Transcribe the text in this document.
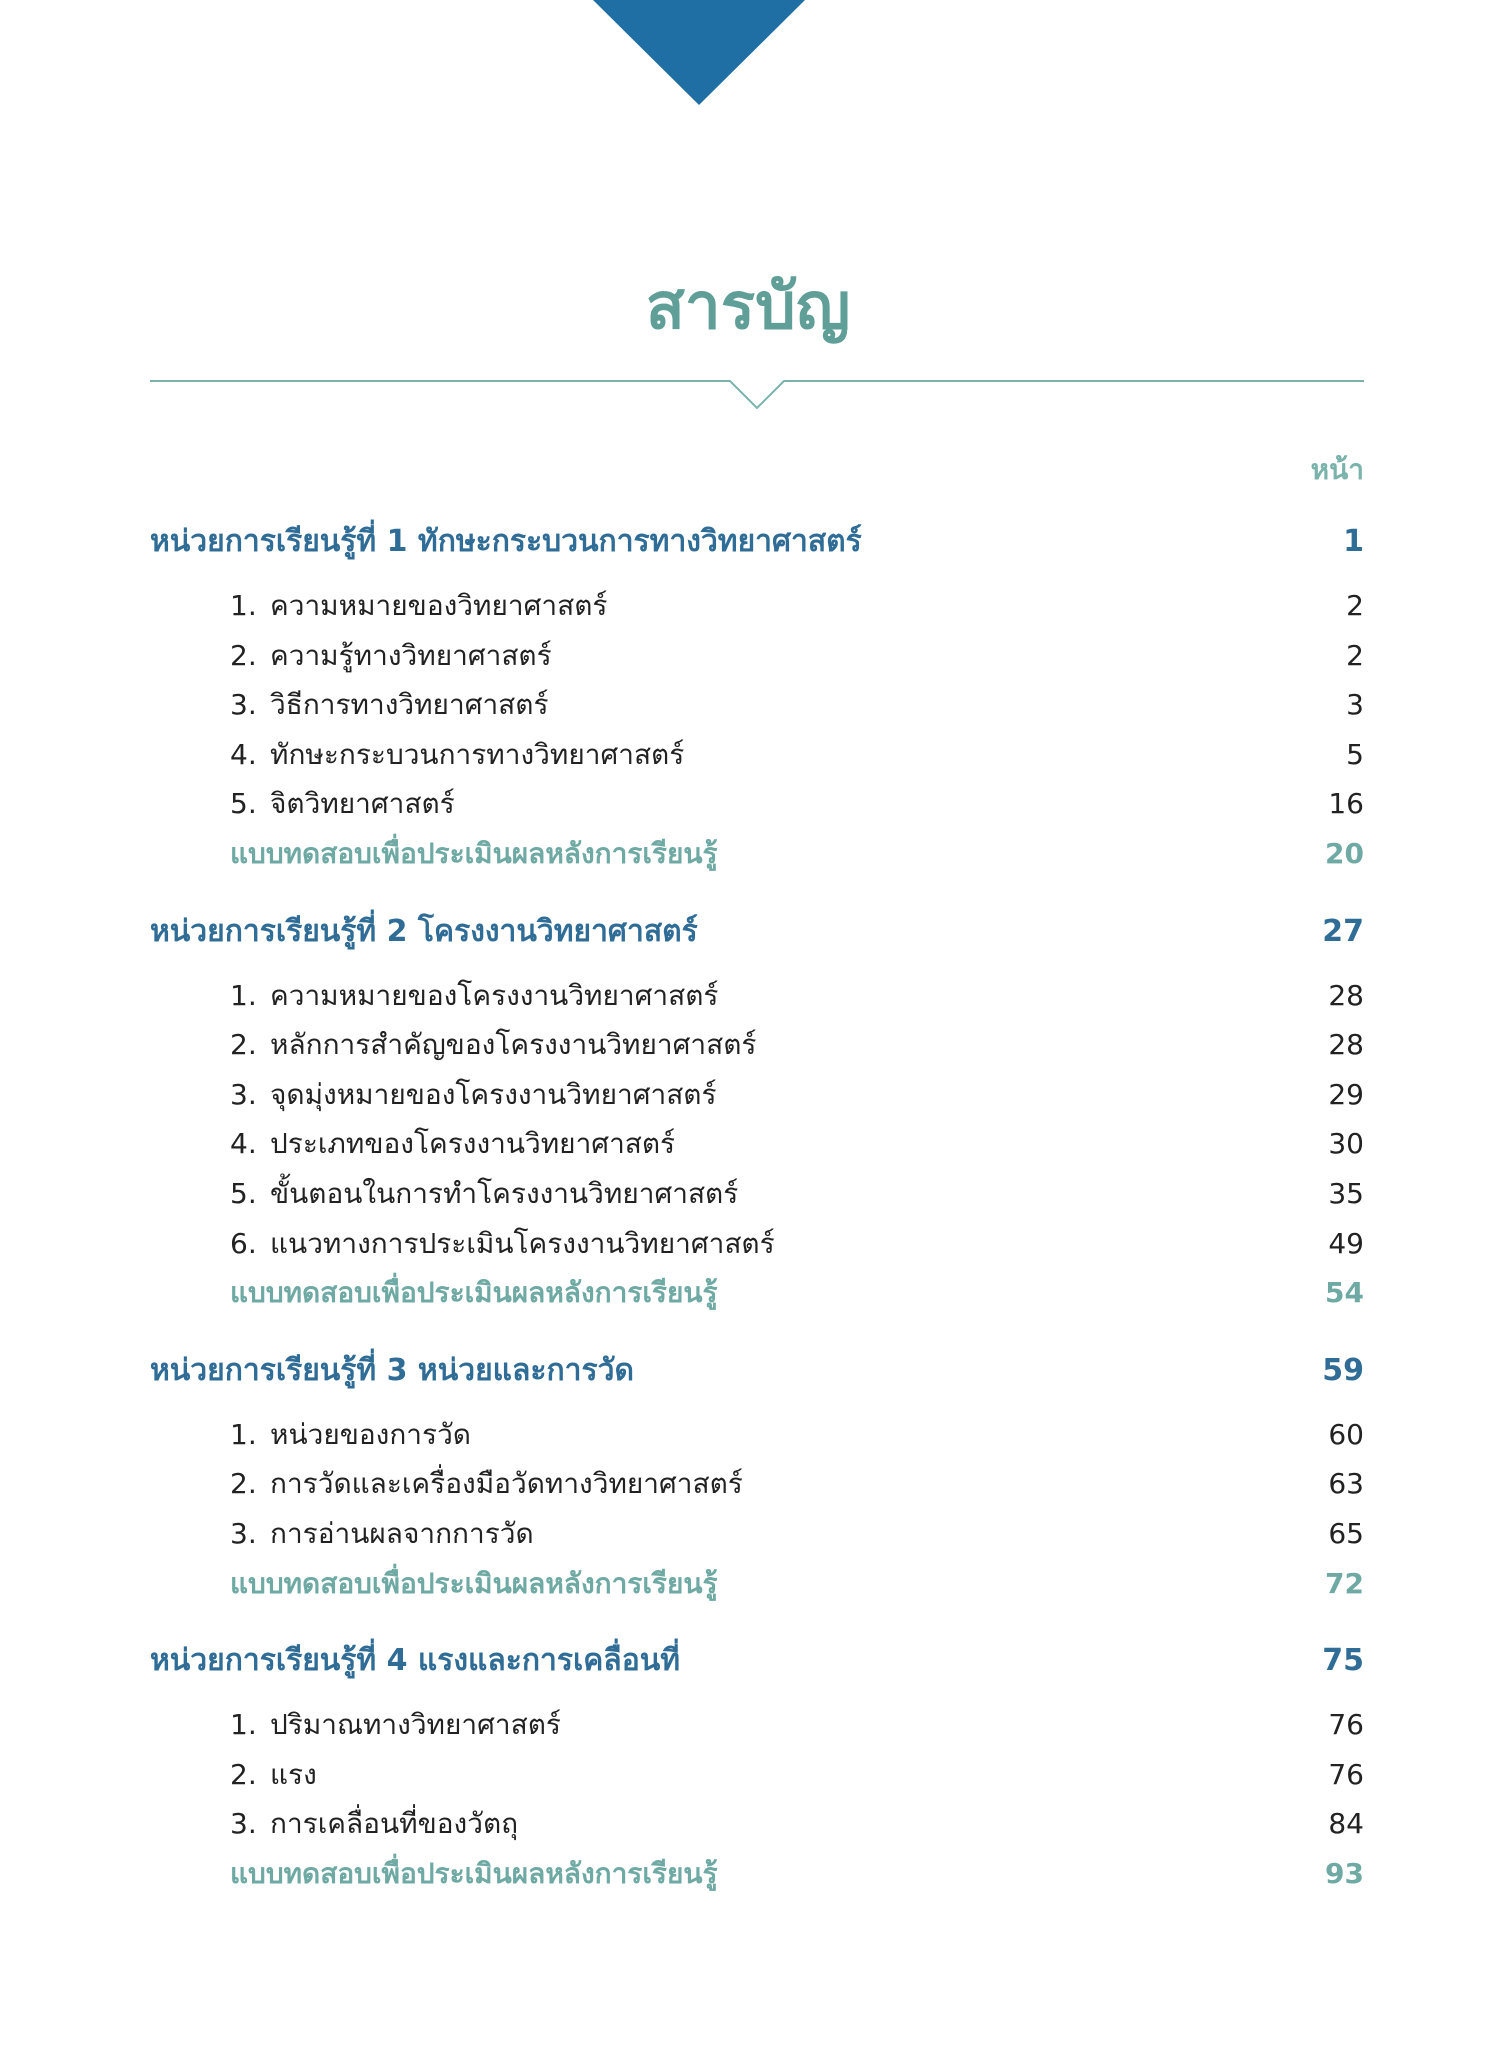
สารบัญ
หน้า
หน่วยการเรียนรู้ที่ 1 ทักษะกระบวนการทางวิทยาศาสตร์	1
1. ความหมายของวิทยาศาสตร์	2
2. ความรู้ทางวิทยาศาสตร์	2
3. วิธีการทางวิทยาศาสตร์	3
4. ทักษะกระบวนการทางวิทยาศาสตร์	5
5. จิตวิทยาศาสตร์	16
แบบทดสอบเพื่อประเมินผลหลังการเรียนรู้	20
หน่วยการเรียนรู้ที่ 2 โครงงานวิทยาศาสตร์	27
1. ความหมายของโครงงานวิทยาศาสตร์	28
2. หลักการสำคัญของโครงงานวิทยาศาสตร์	28
3. จุดมุ่งหมายของโครงงานวิทยาศาสตร์	29
4. ประเภทของโครงงานวิทยาศาสตร์	30
5. ขั้นตอนในการทำโครงงานวิทยาศาสตร์	35
6. แนวทางการประเมินโครงงานวิทยาศาสตร์	49
แบบทดสอบเพื่อประเมินผลหลังการเรียนรู้	54
หน่วยการเรียนรู้ที่ 3 หน่วยและการวัด	59
1. หน่วยของการวัด	60
2. การวัดและเครื่องมือวัดทางวิทยาศาสตร์	63
3. การอ่านผลจากการวัด	65
แบบทดสอบเพื่อประเมินผลหลังการเรียนรู้	72
หน่วยการเรียนรู้ที่ 4 แรงและการเคลื่อนที่	75
1. ปริมาณทางวิทยาศาสตร์	76
2. แรง	76
3. การเคลื่อนที่ของวัตถุ	84
แบบทดสอบเพื่อประเมินผลหลังการเรียนรู้	93
